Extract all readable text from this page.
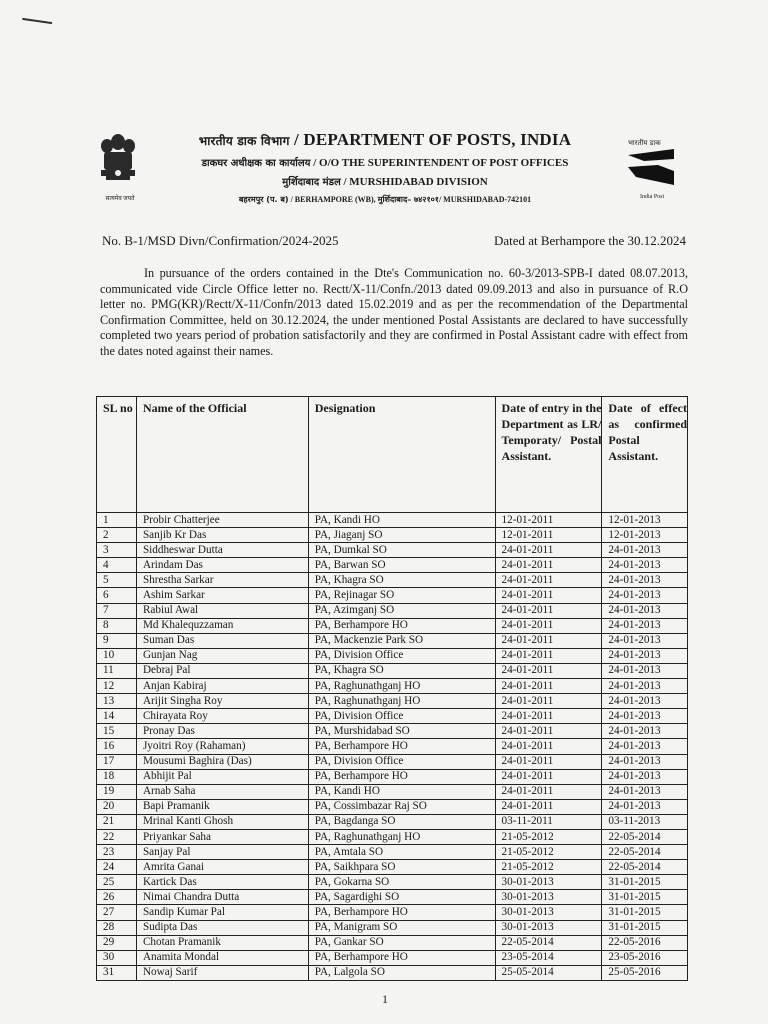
सत्यमेव जयते
भारतीय डाक
India Post
भारतीय डाक विभाग / DEPARTMENT OF POSTS, INDIA
डाकघर अधीक्षक का कार्यालय / O/O THE SUPERINTENDENT OF POST OFFICES
मुर्शिदाबाद मंडल / MURSHIDABAD DIVISION
बहरमपुर (प. ब) / BERHAMPORE (WB), मुर्शिदाबाद– ७४२१०१/ MURSHIDABAD-742101
No. B-1/MSD Divn/Confirmation/2024-2025	Dated at Berhampore the 30.12.2024
In pursuance of the orders contained in the Dte's Communication no. 60-3/2013-SPB-I dated 08.07.2013, communicated vide Circle Office letter no. Rectt/X-11/Confn./2013 dated 09.09.2013 and also in pursuance of R.O letter no. PMG(KR)/Rectt/X-11/Confn/2013 dated 15.02.2019 and as per the recommendation of the Departmental Confirmation Committee, held on 30.12.2024, the under mentioned Postal Assistants are declared to have successfully completed two years period of probation satisfactorily and they are confirmed in Postal Assistant cadre with effect from the dates noted against their names.
SL no	Name of the Official	Designation	Date of entry in the Department as LR/ Temporaty/ Postal Assistant.	Date of effect as confirmed Postal Assistant.
1	Probir Chatterjee	PA, Kandi HO	12-01-2011	12-01-2013
2	Sanjib Kr Das	PA, Jiaganj SO	12-01-2011	12-01-2013
3	Siddheswar Dutta	PA, Dumkal SO	24-01-2011	24-01-2013
4	Arindam Das	PA, Barwan SO	24-01-2011	24-01-2013
5	Shrestha Sarkar	PA, Khagra SO	24-01-2011	24-01-2013
6	Ashim Sarkar	PA, Rejinagar SO	24-01-2011	24-01-2013
7	Rabiul Awal	PA, Azimganj SO	24-01-2011	24-01-2013
8	Md Khalequzzaman	PA, Berhampore HO	24-01-2011	24-01-2013
9	Suman Das	PA, Mackenzie Park SO	24-01-2011	24-01-2013
10	Gunjan Nag	PA, Division Office	24-01-2011	24-01-2013
11	Debraj Pal	PA, Khagra SO	24-01-2011	24-01-2013
12	Anjan Kabiraj	PA, Raghunathganj HO	24-01-2011	24-01-2013
13	Arijit Singha Roy	PA, Raghunathganj HO	24-01-2011	24-01-2013
14	Chirayata Roy	PA, Division Office	24-01-2011	24-01-2013
15	Pronay Das	PA, Murshidabad SO	24-01-2011	24-01-2013
16	Jyoitri Roy (Rahaman)	PA, Berhampore HO	24-01-2011	24-01-2013
17	Mousumi Baghira (Das)	PA, Division Office	24-01-2011	24-01-2013
18	Abhijit Pal	PA, Berhampore HO	24-01-2011	24-01-2013
19	Arnab Saha	PA, Kandi HO	24-01-2011	24-01-2013
20	Bapi Pramanik	PA, Cossimbazar Raj SO	24-01-2011	24-01-2013
21	Mrinal Kanti Ghosh	PA, Bagdanga SO	03-11-2011	03-11-2013
22	Priyankar Saha	PA, Raghunathganj HO	21-05-2012	22-05-2014
23	Sanjay Pal	PA, Amtala SO	21-05-2012	22-05-2014
24	Amrita Ganai	PA, Saikhpara SO	21-05-2012	22-05-2014
25	Kartick Das	PA, Gokarna SO	30-01-2013	31-01-2015
26	Nimai Chandra Dutta	PA, Sagardighi SO	30-01-2013	31-01-2015
27	Sandip Kumar Pal	PA, Berhampore HO	30-01-2013	31-01-2015
28	Sudipta Das	PA, Manigram SO	30-01-2013	31-01-2015
29	Chotan Pramanik	PA, Gankar SO	22-05-2014	22-05-2016
30	Anamita Mondal	PA, Berhampore HO	23-05-2014	23-05-2016
31	Nowaj Sarif	PA, Lalgola SO	25-05-2014	25-05-2016
1
